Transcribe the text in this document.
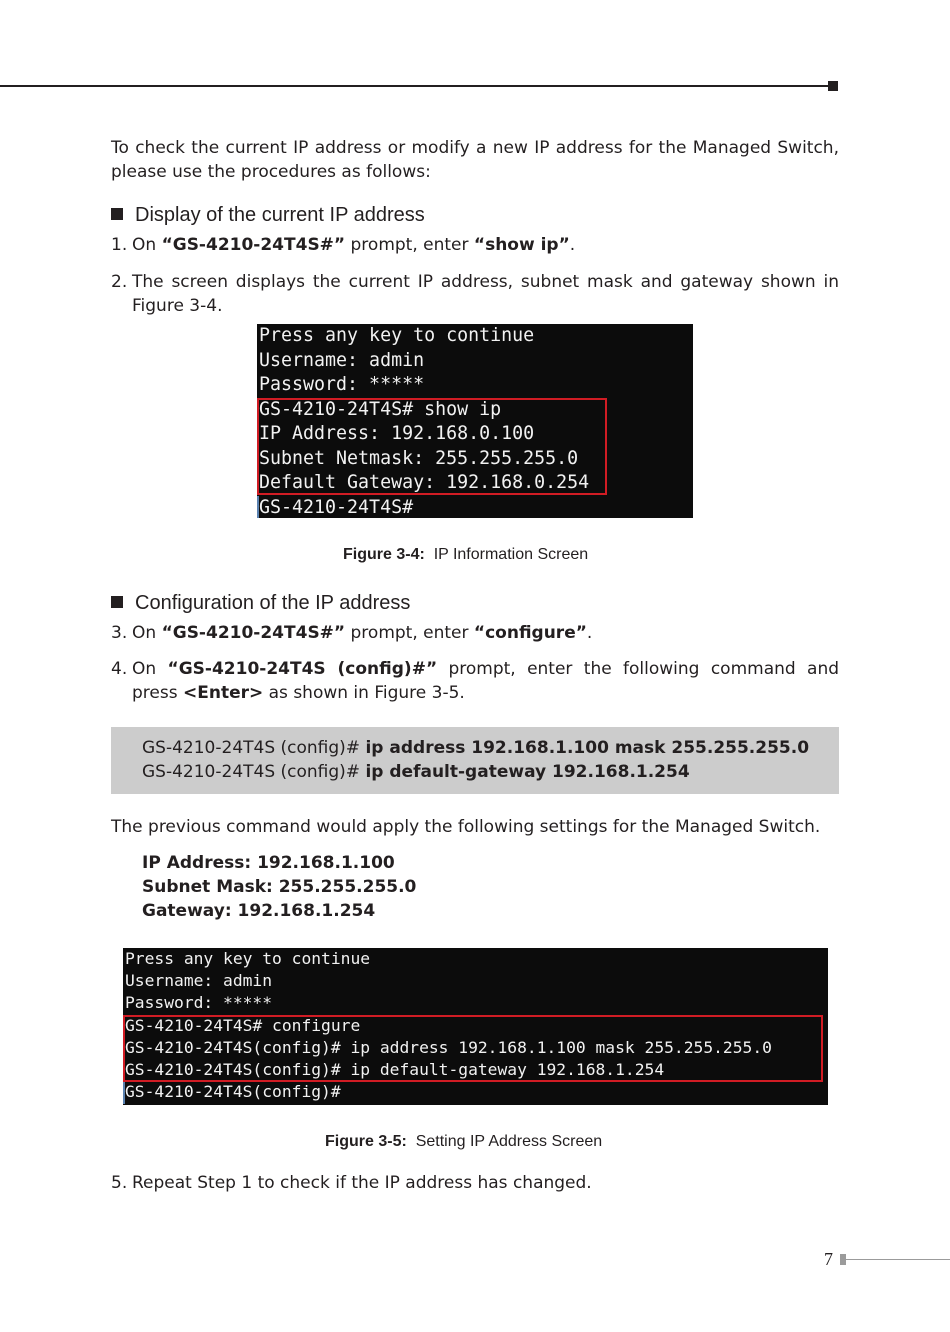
To check the current IP address or modify a new IP address for the Managed Switch, please use the procedures as follows:
Display of the current IP address
1. On “GS-4210-24T4S#” prompt, enter “show ip”.
2. The screen displays the current IP address, subnet mask and gateway shown in Figure 3-4.
Press any key to continue
Username: admin
Password: *****
GS-4210-24T4S# show ip
IP Address: 192.168.0.100
Subnet Netmask: 255.255.255.0
Default Gateway: 192.168.0.254
GS-4210-24T4S#
Figure 3-4: IP Information Screen
Configuration of the IP address
3. On “GS-4210-24T4S#” prompt, enter “configure”.
4. On “GS-4210-24T4S (config)#” prompt, enter the following command and press <Enter> as shown in Figure 3-5.
GS-4210-24T4S (config)# ip address 192.168.1.100 mask 255.255.255.0
GS-4210-24T4S (config)# ip default-gateway 192.168.1.254
The previous command would apply the following settings for the Managed Switch.
IP Address: 192.168.1.100
Subnet Mask: 255.255.255.0
Gateway: 192.168.1.254
Press any key to continue
Username: admin
Password: *****
GS-4210-24T4S# configure
GS-4210-24T4S(config)# ip address 192.168.1.100 mask 255.255.255.0
GS-4210-24T4S(config)# ip default-gateway 192.168.1.254
GS-4210-24T4S(config)#
Figure 3-5: Setting IP Address Screen
5. Repeat Step 1 to check if the IP address has changed.
7
